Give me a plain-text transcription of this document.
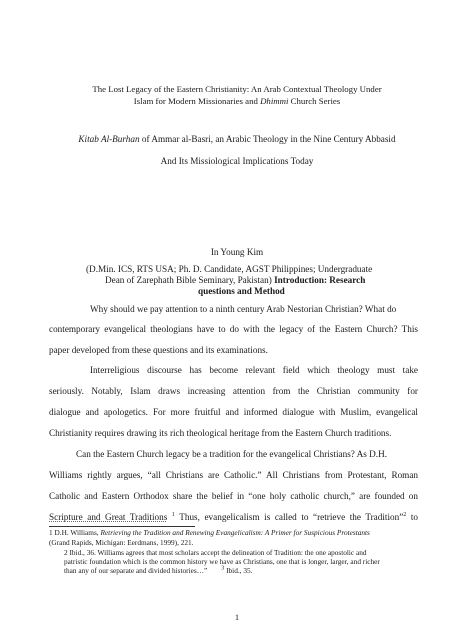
The Lost Legacy of the Eastern Christianity: An Arab Contextual Theology Under
Islam for Modern Missionaries and Dhimmi Church Series
Kitab Al-Burhan of Ammar al-Basri, an Arabic Theology in the Nine Century Abbasid
And Its Missiological Implications Today
In Young Kim
(D.Min. ICS, RTS USA; Ph. D. Candidate, AGST Philippines; Undergraduate
Dean of Zarephath Bible Seminary, Pakistan) Introduction: Research
questions and Method
Why should we pay attention to a ninth century Arab Nestorian Christian? What do
contemporary evangelical theologians have to do with the legacy of the Eastern Church? This
paper developed from these questions and its examinations.
Interreligious discourse has become relevant field which theology must take
seriously. Notably, Islam draws increasing attention from the Christian community for
dialogue and apologetics. For more fruitful and informed dialogue with Muslim, evangelical
Christianity requires drawing its rich theological heritage from the Eastern Church traditions.
Can the Eastern Church legacy be a tradition for the evangelical Christians? As D.H.
Williams rightly argues, “all Christians are Catholic.” All Christians from Protestant, Roman
Catholic and Eastern Orthodox share the belief in “one holy catholic church,” are founded on
Scripture and Great Traditions $^1$ Thus, evangelicalism is called to “retrieve the Tradition”$^2$ to
1 D.H. Williams, Retrieving the Tradition and Renewing Evangelicalism: A Primer for Suspicious Protestants
(Grand Rapids, Michigan: Eerdmans, 1999), 221.
2 Ibid., 36. Williams agrees that most scholars accept the delineation of Tradition: the one apostolic and
patristic foundation which is the common history we have as Christians, one that is longer, larger, and richer
than any of our separate and divided histories…” $^3$ Ibid., 35.
1
